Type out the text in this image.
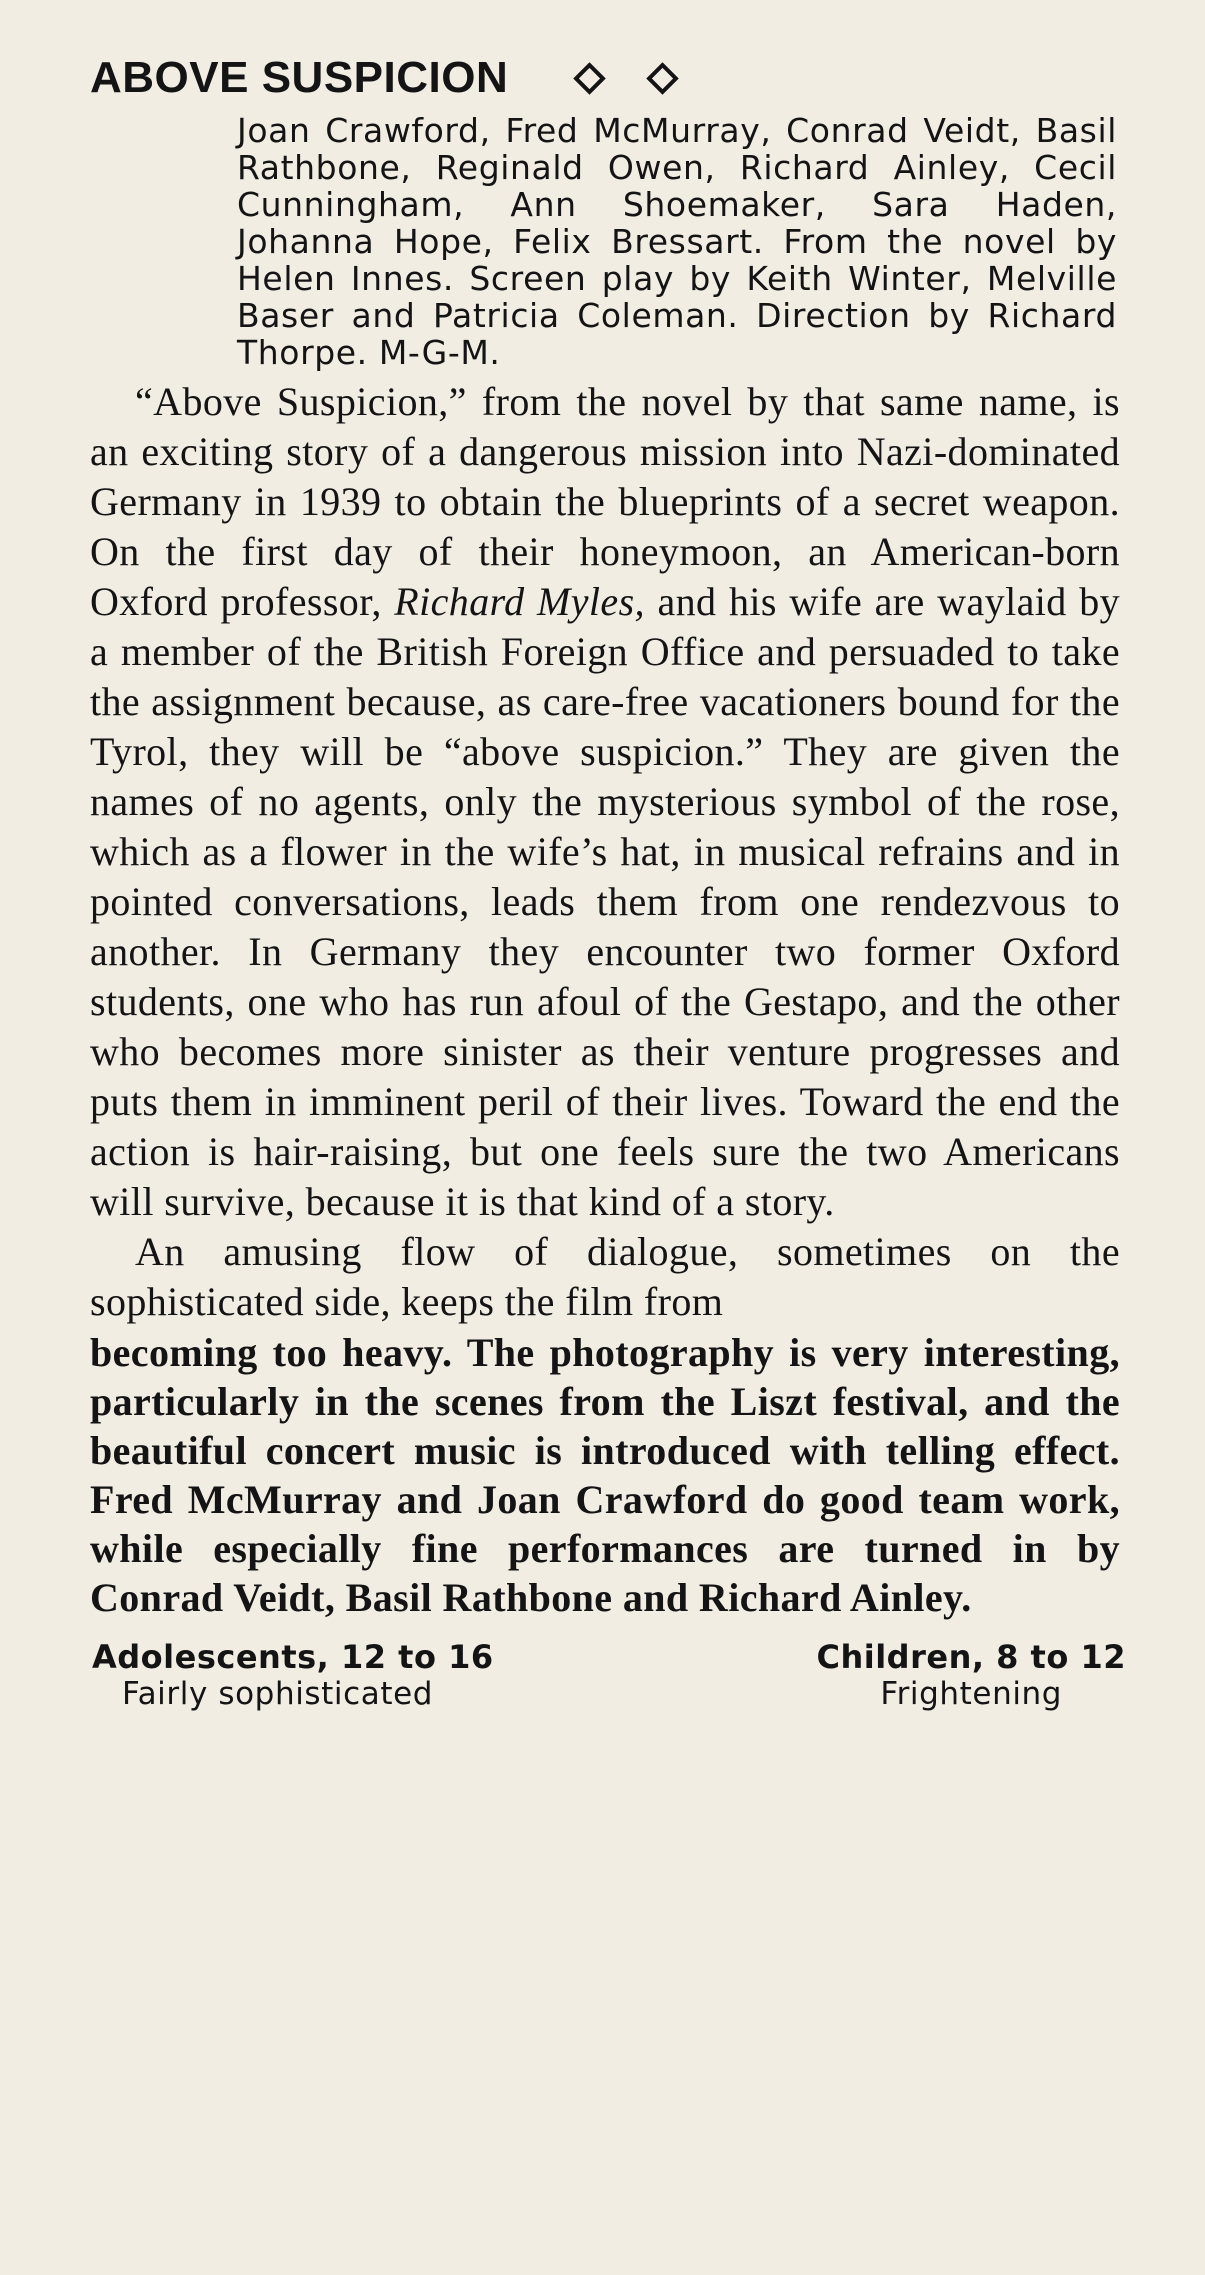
ABOVE SUSPICION
Joan Crawford, Fred McMurray, Conrad Veidt, Basil Rathbone, Reginald Owen, Richard Ainley, Cecil Cunningham, Ann Shoemaker, Sara Haden, Johanna Hope, Felix Bressart. From the novel by Helen Innes. Screen play by Keith Winter, Melville Baser and Patricia Coleman. Direction by Richard Thorpe. M-G-M.

“Above Suspicion,” from the novel by that same name, is an exciting story of a dangerous mission into Nazi-dominated Germany in 1939 to obtain the blueprints of a secret weapon. On the first day of their honeymoon, an American-born Oxford professor, Richard Myles, and his wife are waylaid by a member of the British Foreign Office and persuaded to take the assignment because, as care-free vacationers bound for the Tyrol, they will be “above suspicion.” They are given the names of no agents, only the mysterious symbol of the rose, which as a flower in the wife’s hat, in musical refrains and in pointed conversations, leads them from one rendezvous to another. In Germany they encounter two former Oxford students, one who has run afoul of the Gestapo, and the other who becomes more sinister as their venture progresses and puts them in imminent peril of their lives. Toward the end the action is hair-raising, but one feels sure the two Americans will survive, because it is that kind of a story.

An amusing flow of dialogue, sometimes on the sophisticated side, keeps the film from

becoming too heavy. The photography is very interesting, particularly in the scenes from the Liszt festival, and the beautiful concert music is introduced with telling effect. Fred McMurray and Joan Crawford do good team work, while especially fine performances are turned in by Conrad Veidt, Basil Rathbone and Richard Ainley.

Adolescents, 12 to 16
Fairly sophisticated
Children, 8 to 12
Frightening
